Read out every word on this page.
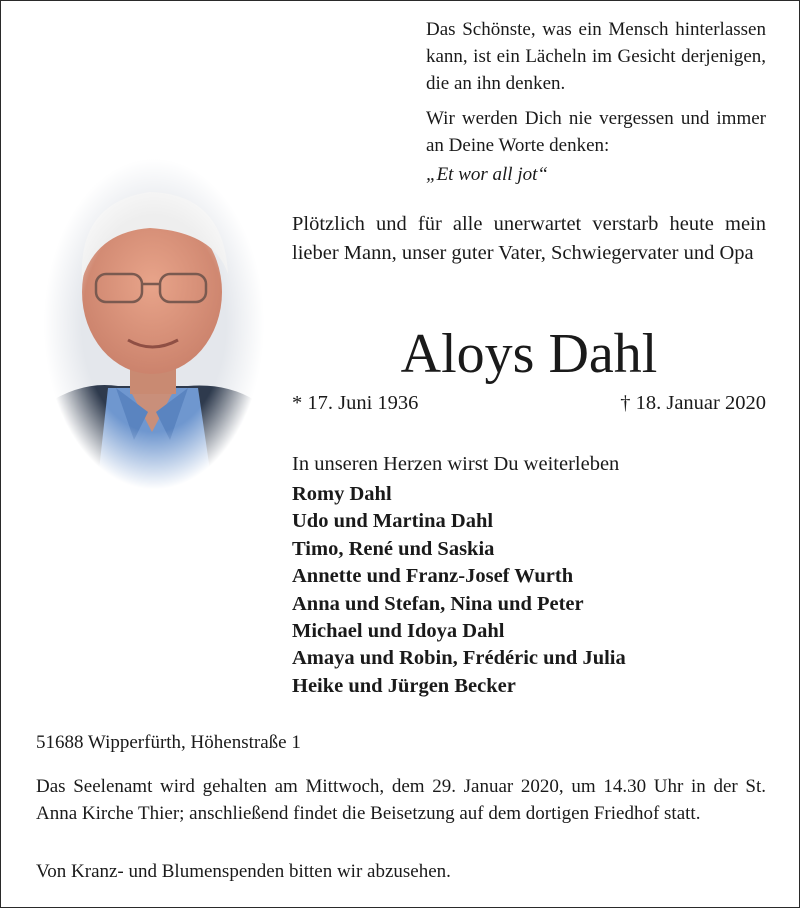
Das Schönste, was ein Mensch hinterlassen kann, ist ein Lächeln im Gesicht derjenigen, die an ihn denken.

Wir werden Dich nie vergessen und immer an Deine Worte denken:

„Et wor all jot“

Plötzlich und für alle unerwartet verstarb heute mein lieber Mann, unser guter Vater, Schwiegervater und Opa
Aloys Dahl
* 17. Juni 1936	† 18. Januar 2020
In unseren Herzen wirst Du weiterleben
Romy Dahl
Udo und Martina Dahl
Timo, René und Saskia
Annette und Franz-Josef Wurth
Anna und Stefan, Nina und Peter
Michael und Idoya Dahl
Amaya und Robin, Frédéric und Julia
Heike und Jürgen Becker
51688 Wipperfürth, Höhenstraße 1
Das Seelenamt wird gehalten am Mittwoch, dem 29. Januar 2020, um 14.30 Uhr in der St. Anna Kirche Thier; anschließend findet die Beisetzung auf dem dortigen Friedhof statt.
Von Kranz- und Blumenspenden bitten wir abzusehen.
